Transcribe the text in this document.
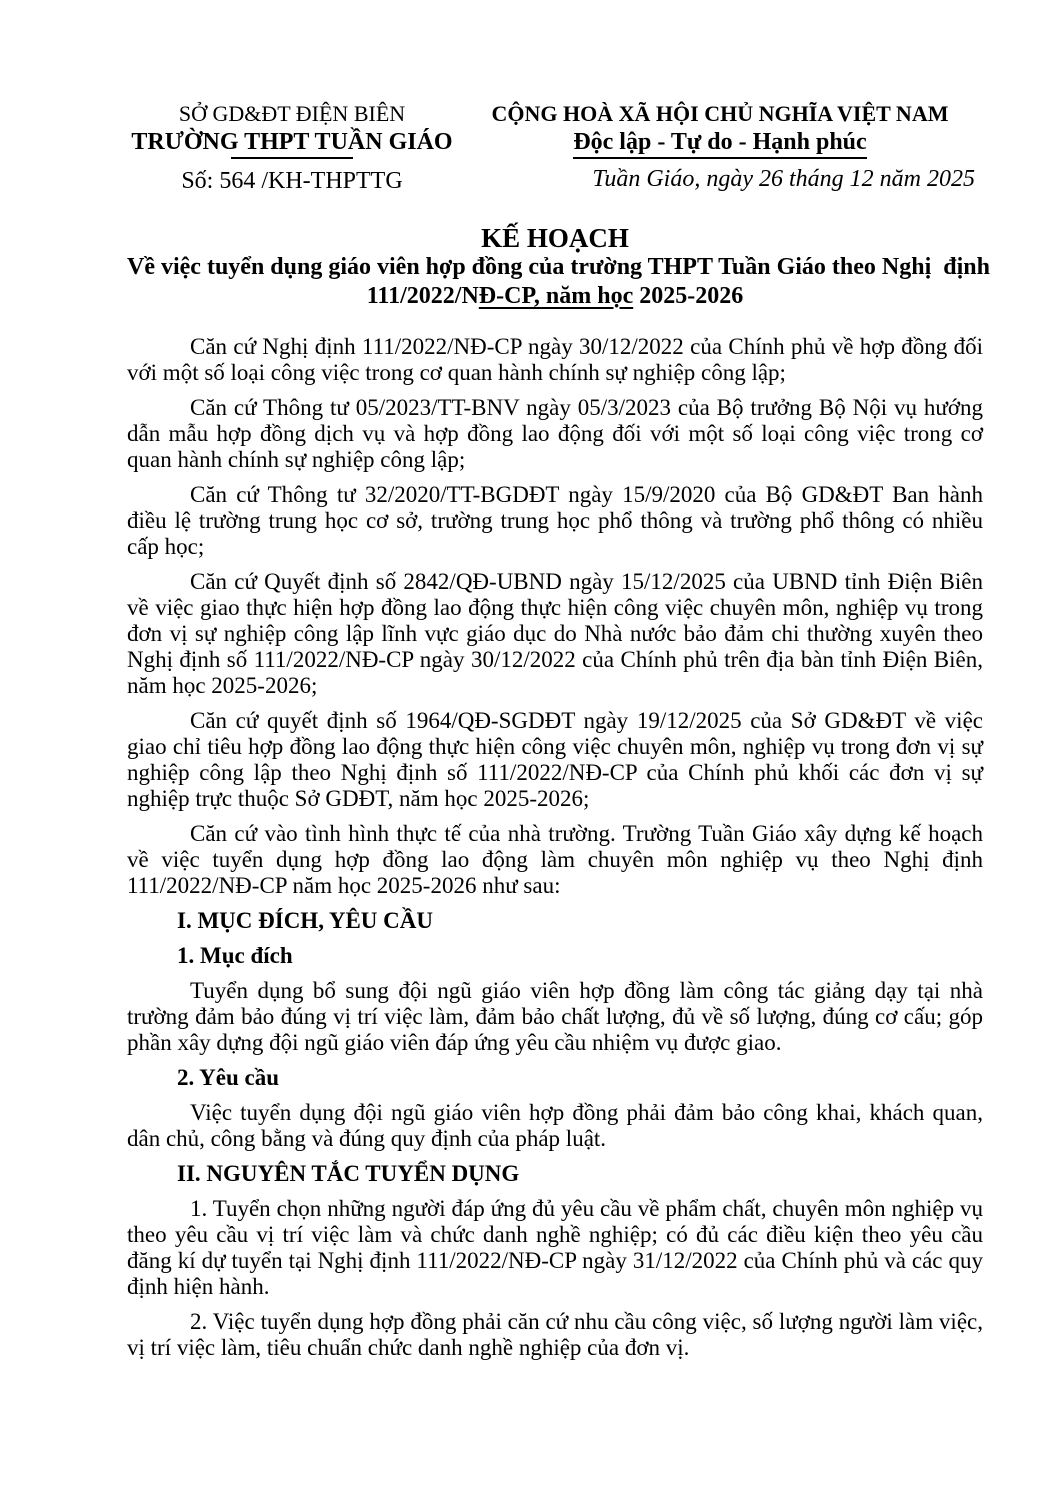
SỞ GD&ĐT ĐIỆN BIÊN
TRƯỜNG THPT TUẦN GIÁO
Số: 564 /KH-THPTTG
CỘNG HOÀ XÃ HỘI CHỦ NGHĨA VIỆT NAM
Độc lập - Tự do - Hạnh phúc
Tuần Giáo, ngày 26 tháng 12 năm 2025
KẾ HOẠCH
Về việc tuyển dụng giáo viên hợp đồng của trường THPT Tuần Giáo theo Nghị  định
111/2022/NĐ-CP, năm học 2025-2026

Căn cứ Nghị định 111/2022/NĐ-CP ngày 30/12/2022 của Chính phủ về hợp đồng đối với một số loại công việc trong cơ quan hành chính sự nghiệp công lập;

Căn cứ Thông tư 05/2023/TT-BNV ngày 05/3/2023 của Bộ trưởng Bộ Nội vụ hướng dẫn mẫu hợp đồng dịch vụ và hợp đồng lao động đối với một số loại công việc trong cơ quan hành chính sự nghiệp công lập;

Căn cứ Thông tư 32/2020/TT-BGDĐT ngày 15/9/2020 của Bộ GD&ĐT Ban hành điều lệ trường trung học cơ sở, trường trung học phổ thông và trường phổ thông có nhiều cấp học;

Căn cứ Quyết định số 2842/QĐ-UBND ngày 15/12/2025 của UBND tỉnh Điện Biên về việc giao thực hiện hợp đồng lao động thực hiện công việc chuyên môn, nghiệp vụ trong đơn vị sự nghiệp công lập lĩnh vực giáo dục do Nhà nước bảo đảm chi thường xuyên theo Nghị định số 111/2022/NĐ-CP ngày 30/12/2022 của Chính phủ trên địa bàn tỉnh Điện Biên, năm học 2025-2026;

Căn cứ quyết định số 1964/QĐ-SGDĐT ngày 19/12/2025 của Sở GD&ĐT về việc giao chỉ tiêu hợp đồng lao động thực hiện công việc chuyên môn, nghiệp vụ trong đơn vị sự nghiệp công lập theo Nghị định số 111/2022/NĐ-CP của Chính phủ khối các đơn vị sự nghiệp trực thuộc Sở GDĐT, năm học 2025-2026;

Căn cứ vào tình hình thực tế của nhà trường. Trường Tuần Giáo xây dựng kế hoạch về việc tuyển dụng hợp đồng lao động làm chuyên môn nghiệp vụ theo Nghị định 111/2022/NĐ-CP năm học 2025-2026 như sau:

I. MỤC ĐÍCH, YÊU CẦU

1. Mục đích

Tuyển dụng bổ sung đội ngũ giáo viên hợp đồng làm công tác giảng dạy tại nhà trường đảm bảo đúng vị trí việc làm, đảm bảo chất lượng, đủ về số lượng, đúng cơ cấu; góp phần xây dựng đội ngũ giáo viên đáp ứng yêu cầu nhiệm vụ được giao.

2. Yêu cầu

Việc tuyển dụng đội ngũ giáo viên hợp đồng phải đảm bảo công khai, khách quan, dân chủ, công bằng và đúng quy định của pháp luật.

II. NGUYÊN TẮC TUYỂN DỤNG

1. Tuyển chọn những người đáp ứng đủ yêu cầu về phẩm chất, chuyên môn nghiệp vụ theo yêu cầu vị trí việc làm và chức danh nghề nghiệp; có đủ các điều kiện theo yêu cầu đăng kí dự tuyển tại Nghị định 111/2022/NĐ-CP ngày 31/12/2022 của Chính phủ và các quy định hiện hành.

2. Việc tuyển dụng hợp đồng phải căn cứ nhu cầu công việc, số lượng người làm việc, vị trí việc làm, tiêu chuẩn chức danh nghề nghiệp của đơn vị.
